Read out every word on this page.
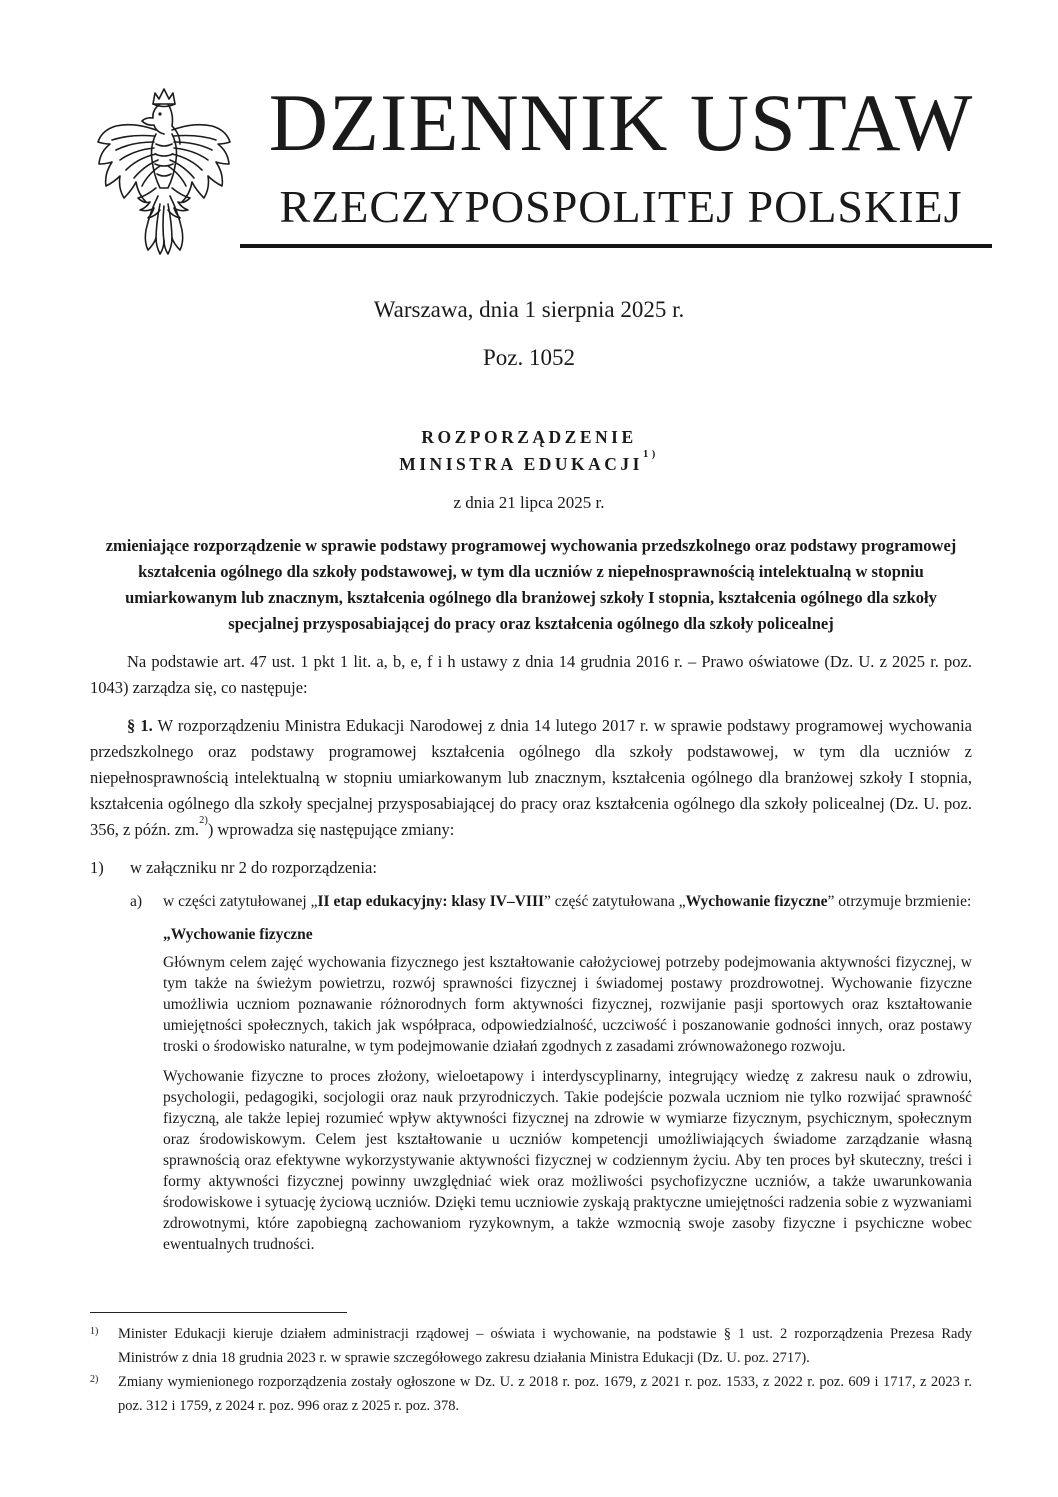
DZIENNIK USTAW
RZECZYPOSPOLITEJ POLSKIEJ
Warszawa, dnia 1 sierpnia 2025 r.
Poz. 1052
ROZPORZĄDZENIE
MINISTRA EDUKACJI$^{1)}$
z dnia 21 lipca 2025 r.
zmieniające rozporządzenie w sprawie podstawy programowej wychowania przedszkolnego oraz podstawy programowej kształcenia ogólnego dla szkoły podstawowej, w tym dla uczniów z niepełnosprawnością intelektualną w stopniu umiarkowanym lub znacznym, kształcenia ogólnego dla branżowej szkoły I stopnia, kształcenia ogólnego dla szkoły specjalnej przysposabiającej do pracy oraz kształcenia ogólnego dla szkoły policealnej

Na podstawie art. 47 ust. 1 pkt 1 lit. a, b, e, f i h ustawy z dnia 14 grudnia 2016 r. – Prawo oświatowe (Dz. U. z 2025 r. poz. 1043) zarządza się, co następuje:

§ 1. W rozporządzeniu Ministra Edukacji Narodowej z dnia 14 lutego 2017 r. w sprawie podstawy programowej wychowania przedszkolnego oraz podstawy programowej kształcenia ogólnego dla szkoły podstawowej, w tym dla uczniów z niepełnosprawnością intelektualną w stopniu umiarkowanym lub znacznym, kształcenia ogólnego dla branżowej szkoły I stopnia, kształcenia ogólnego dla szkoły specjalnej przysposabiającej do pracy oraz kształcenia ogólnego dla szkoły policealnej (Dz. U. poz. 356, z późn. zm.$^{2)}$) wprowadza się następujące zmiany:

1)	w załączniku nr 2 do rozporządzenia:
a)	w części zatytułowanej „II etap edukacyjny: klasy IV–VIII” część zatytułowana „Wychowanie fizyczne” otrzymuje brzmienie:
„Wychowanie fizyczne

Głównym celem zajęć wychowania fizycznego jest kształtowanie całożyciowej potrzeby podejmowania aktywności fizycznej, w tym także na świeżym powietrzu, rozwój sprawności fizycznej i świadomej postawy prozdrowotnej. Wychowanie fizyczne umożliwia uczniom poznawanie różnorodnych form aktywności fizycznej, rozwijanie pasji sportowych oraz kształtowanie umiejętności społecznych, takich jak współpraca, odpowiedzialność, uczciwość i poszanowanie godności innych, oraz postawy troski o środowisko naturalne, w tym podejmowanie działań zgodnych z zasadami zrównoważonego rozwoju.

Wychowanie fizyczne to proces złożony, wieloetapowy i interdyscyplinarny, integrujący wiedzę z zakresu nauk o zdrowiu, psychologii, pedagogiki, socjologii oraz nauk przyrodniczych. Takie podejście pozwala uczniom nie tylko rozwijać sprawność fizyczną, ale także lepiej rozumieć wpływ aktywności fizycznej na zdrowie w wymiarze fizycznym, psychicznym, społecznym oraz środowiskowym. Celem jest kształtowanie u uczniów kompetencji umożliwiających świadome zarządzanie własną sprawnością oraz efektywne wykorzystywanie aktywności fizycznej w codziennym życiu. Aby ten proces był skuteczny, treści i formy aktywności fizycznej powinny uwzględniać wiek oraz możliwości psychofizyczne uczniów, a także uwarunkowania środowiskowe i sytuację życiową uczniów. Dzięki temu uczniowie zyskają praktyczne umiejętności radzenia sobie z wyzwaniami zdrowotnymi, które zapobiegną zachowaniom ryzykownym, a także wzmocnią swoje zasoby fizyczne i psychiczne wobec ewentualnych trudności.

1)	Minister Edukacji kieruje działem administracji rządowej – oświata i wychowanie, na podstawie § 1 ust. 2 rozporządzenia Prezesa Rady Ministrów z dnia 18 grudnia 2023 r. w sprawie szczegółowego zakresu działania Ministra Edukacji (Dz. U. poz. 2717).
2)	Zmiany wymienionego rozporządzenia zostały ogłoszone w Dz. U. z 2018 r. poz. 1679, z 2021 r. poz. 1533, z 2022 r. poz. 609 i 1717, z 2023 r. poz. 312 i 1759, z 2024 r. poz. 996 oraz z 2025 r. poz. 378.
